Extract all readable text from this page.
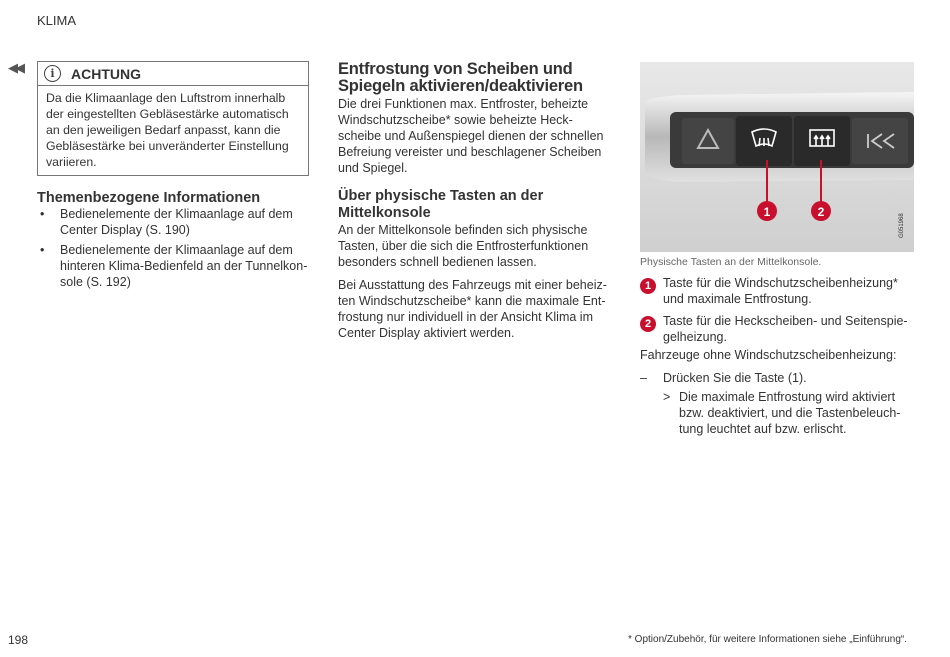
KLIMA
◀◀	i	ACHTUNG
Da die Klimaanlage den Luftstrom innerhalb
der eingestellten Gebläsestärke automatisch
an den jeweiligen Bedarf anpasst, kann die
Gebläsestärke bei unveränderter Einstellung
variieren.
Themenbezogene Informationen
• Bedienelemente der Klimaanlage auf dem
Center Display (S. 190)
• Bedienelemente der Klimaanlage auf dem
hinteren Klima-Bedienfeld an der Tunnelkon-
sole (S. 192)
Entfrostung von Scheiben und
Spiegeln aktivieren/deaktivieren
Die drei Funktionen max. Entfroster, beheizte
Windschutzscheibe* sowie beheizte Heck-
scheibe und Außenspiegel dienen der schnellen
Befreiung vereister und beschlagener Scheiben
und Spiegel.
Über physische Tasten an der
Mittelkonsole
An der Mittelkonsole befinden sich physische
Tasten, über die sich die Entfrosterfunktionen
besonders schnell bedienen lassen.
Bei Ausstattung des Fahrzeugs mit einer beheiz-
ten Windschutzscheibe* kann die maximale Ent-
frostung nur individuell in der Ansicht Klima im
Center Display aktiviert werden.
1	2
G051968
Physische Tasten an der Mittelkonsole.
1 Taste für die Windschutzscheibenheizung*
und maximale Entfrostung.
2 Taste für die Heckscheiben- und Seitenspie-
gelheizung.
Fahrzeuge ohne Windschutzscheibenheizung:
– Drücken Sie die Taste (1).
> Die maximale Entfrostung wird aktiviert
bzw. deaktiviert, und die Tastenbeleuch-
tung leuchtet auf bzw. erlischt.
198	* Option/Zubehör, für weitere Informationen siehe „Einführung“.
